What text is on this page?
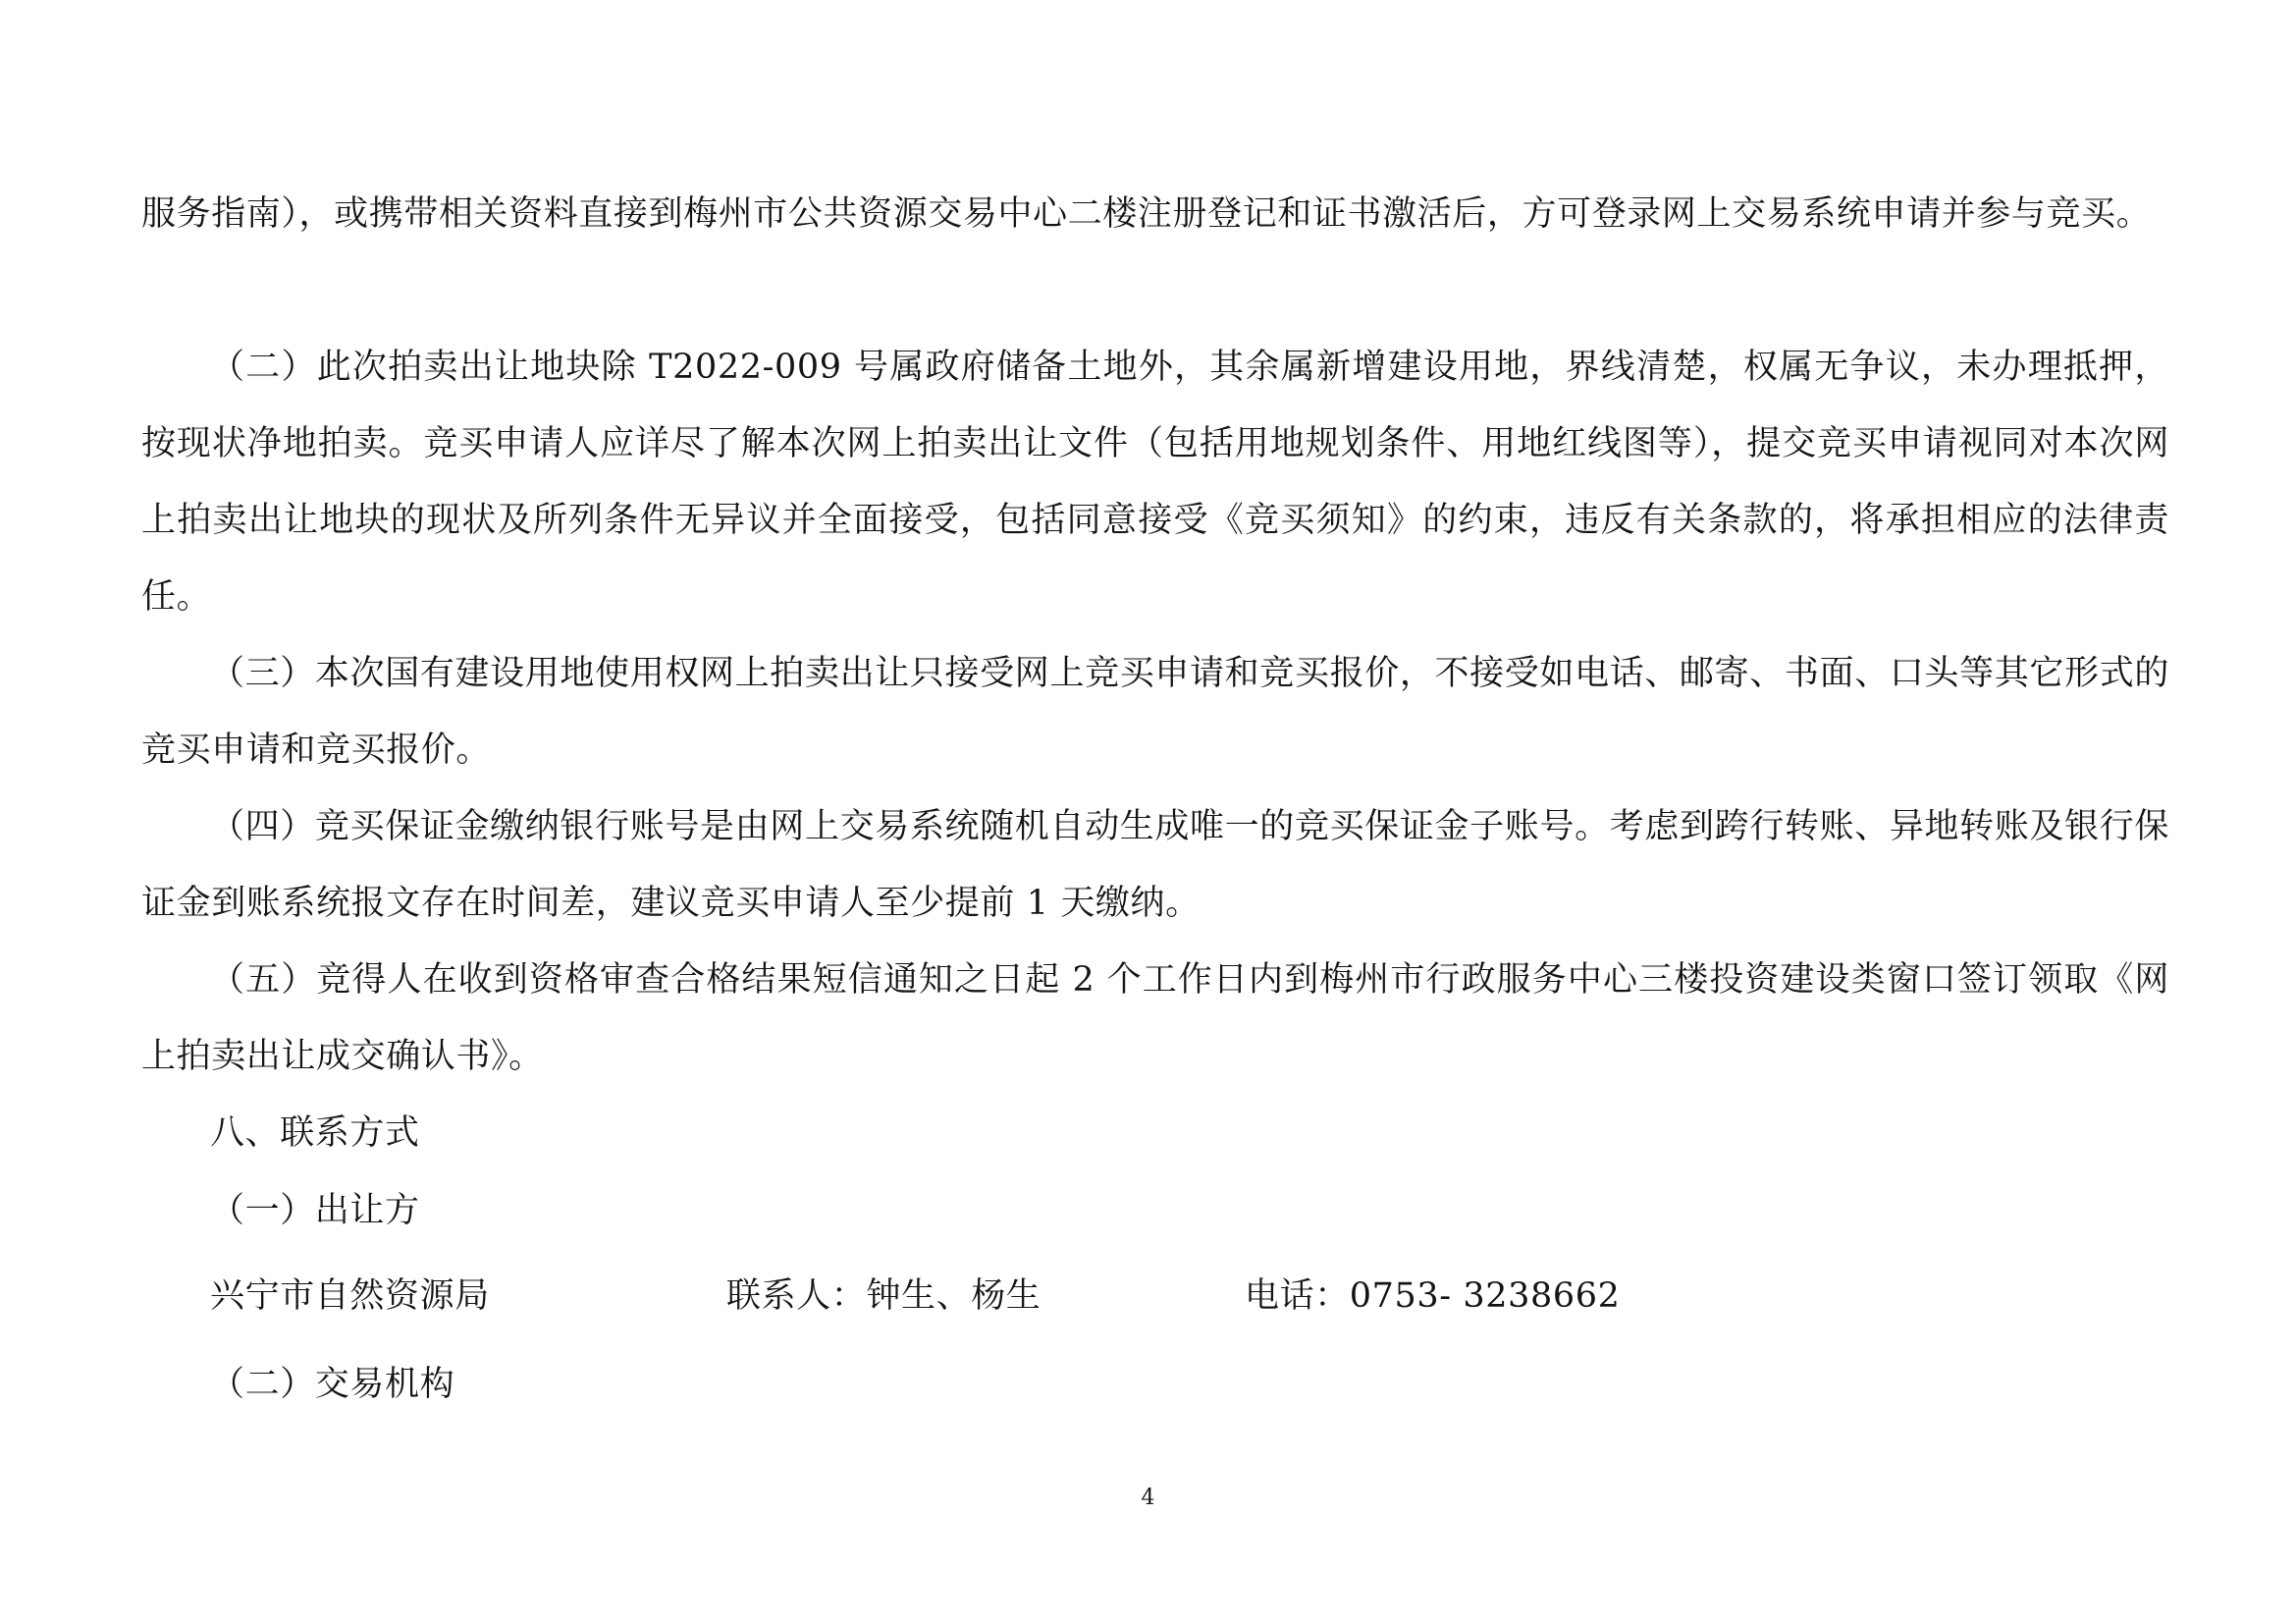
服务指南），或携带相关资料直接到梅州市公共资源交易中心二楼注册登记和证书激活后，方可登录网上交易系统申请并参与竞买。
（二）此次拍卖出让地块除 T2022-009 号属政府储备土地外，其余属新增建设用地，界线清楚，权属无争议，未办理抵押，按现状净地拍卖。竞买申请人应详尽了解本次网上拍卖出让文件（包括用地规划条件、用地红线图等），提交竞买申请视同对本次网上拍卖出让地块的现状及所列条件无异议并全面接受，包括同意接受《竞买须知》的约束，违反有关条款的，将承担相应的法律责任。
（三）本次国有建设用地使用权网上拍卖出让只接受网上竞买申请和竞买报价，不接受如电话、邮寄、书面、口头等其它形式的竞买申请和竞买报价。
（四）竞买保证金缴纳银行账号是由网上交易系统随机自动生成唯一的竞买保证金子账号。考虑到跨行转账、异地转账及银行保证金到账系统报文存在时间差，建议竞买申请人至少提前 1 天缴纳。
（五）竞得人在收到资格审查合格结果短信通知之日起 2 个工作日内到梅州市行政服务中心三楼投资建设类窗口签订领取《网上拍卖出让成交确认书》。
八、联系方式
（一）出让方
兴宁市自然资源局	联系人：钟生、杨生	电话：0753- 3238662
（二）交易机构
4
